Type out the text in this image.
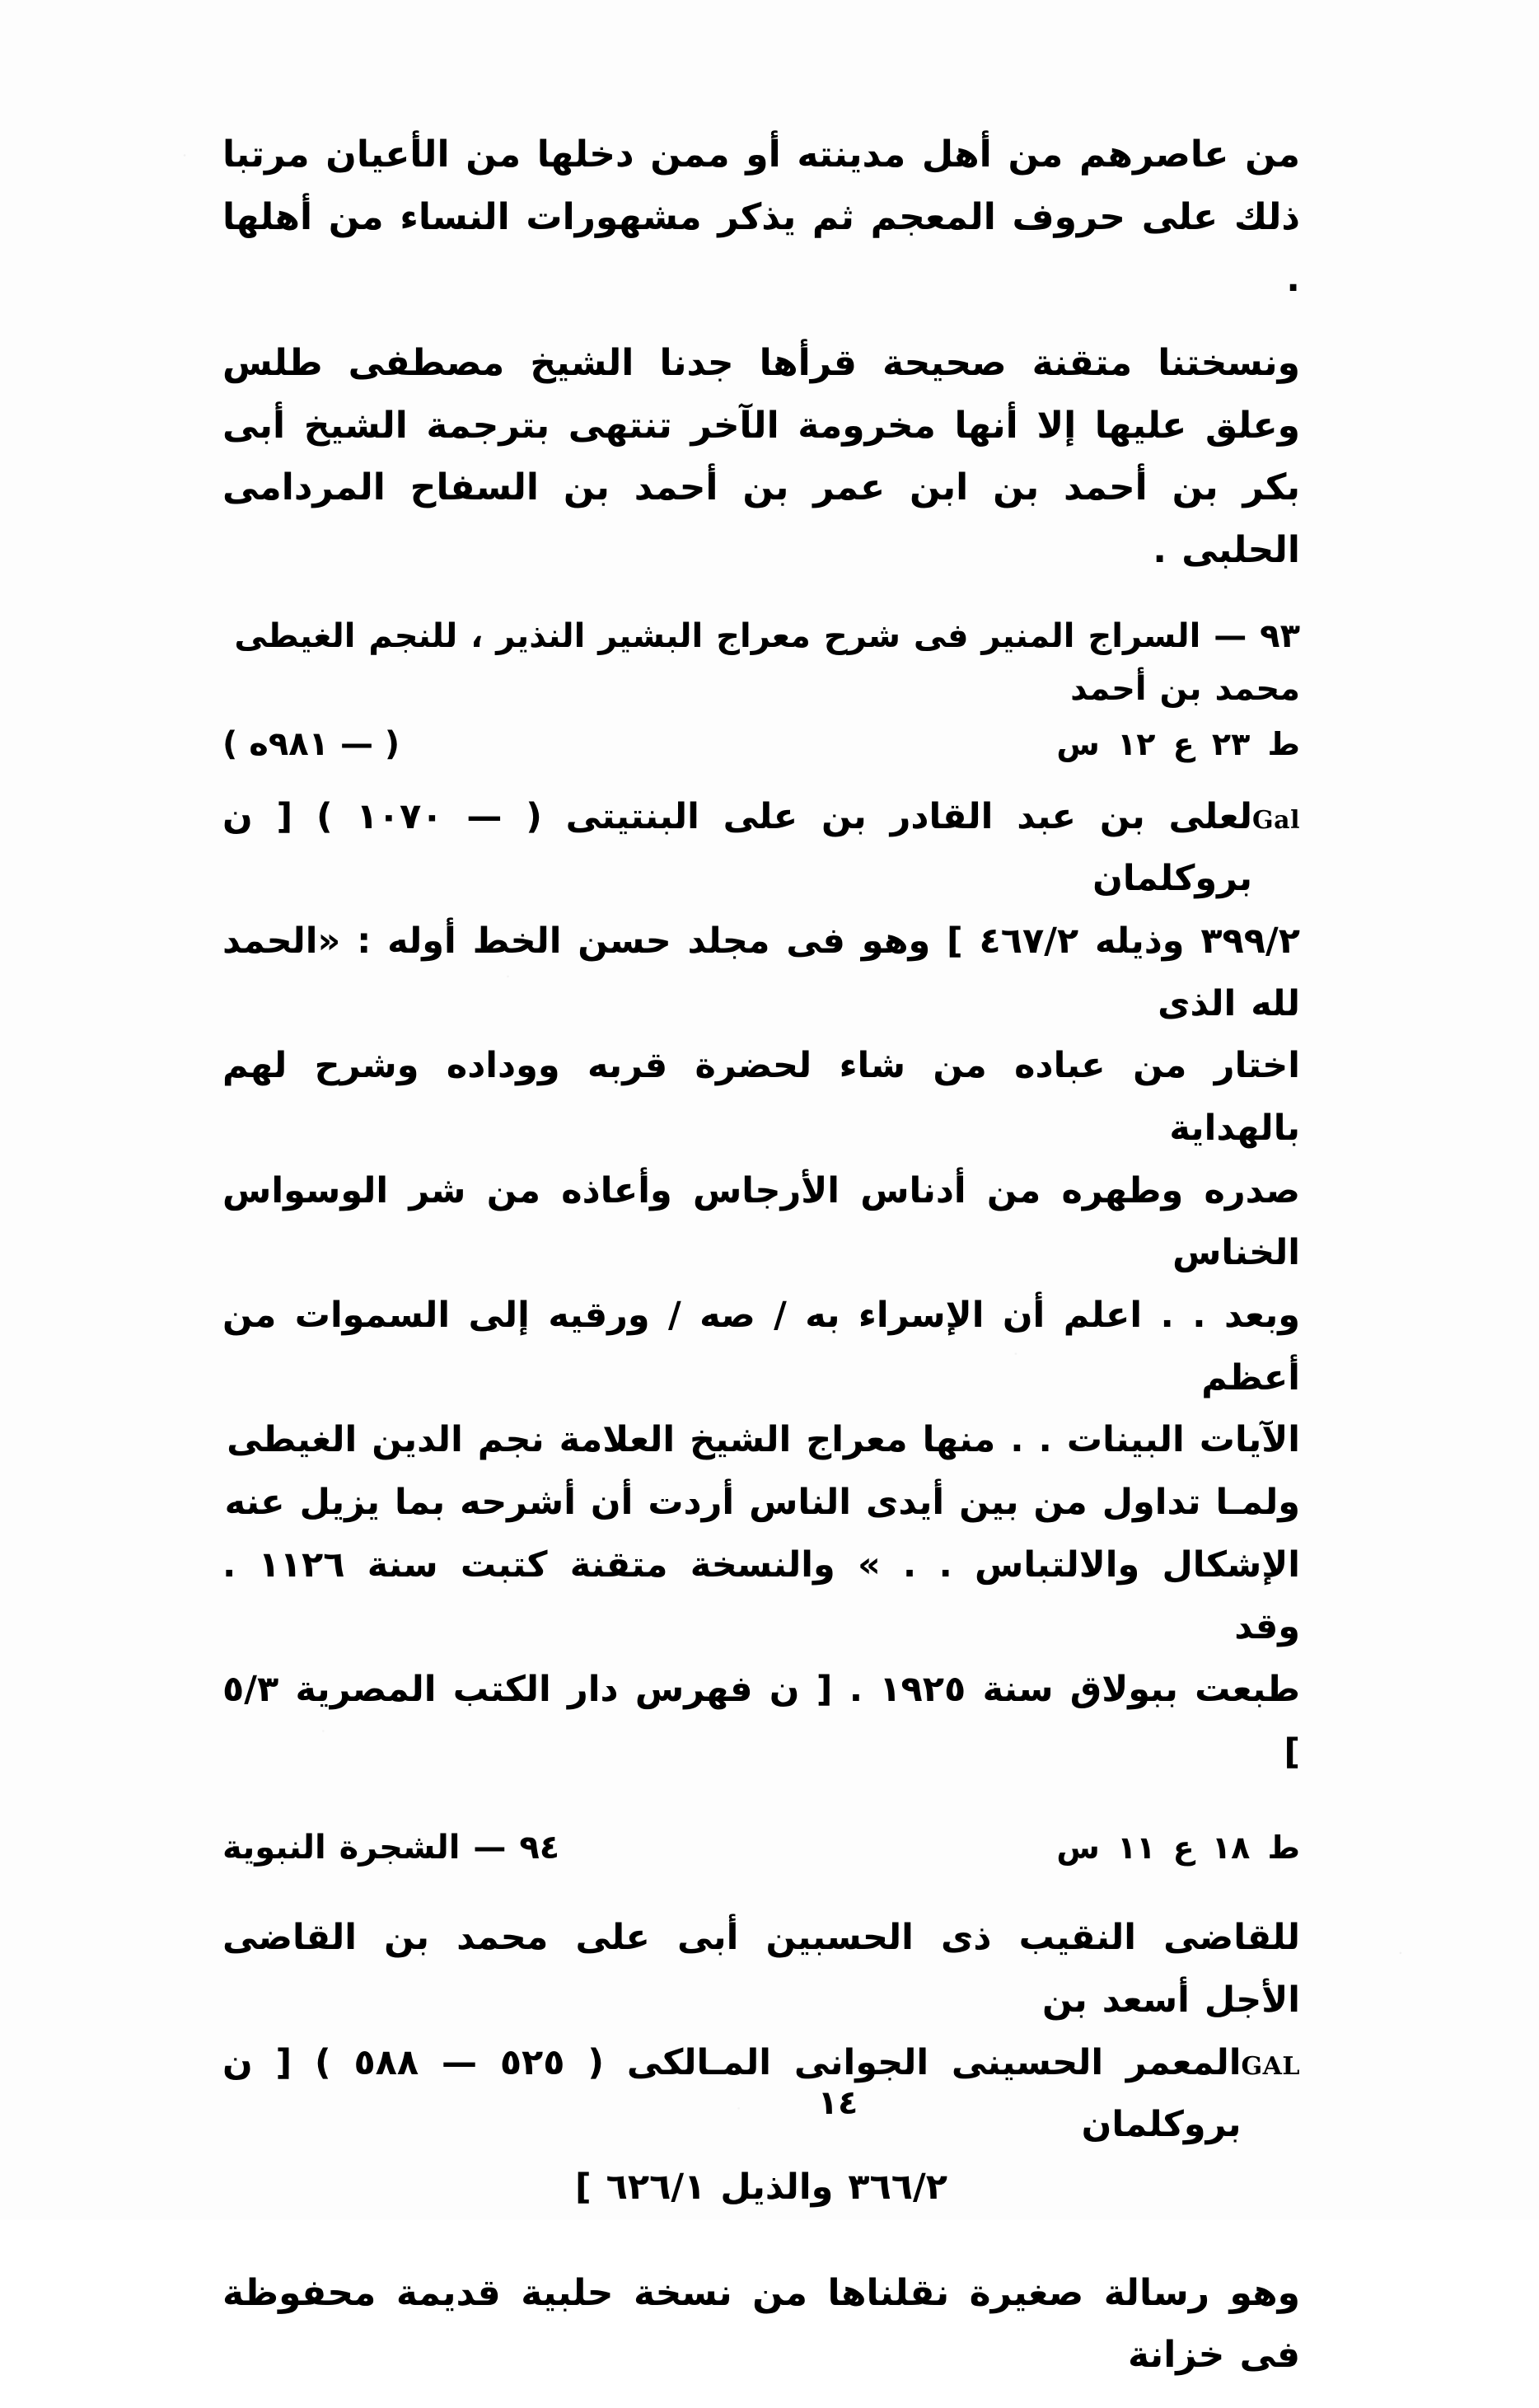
من عاصرهم من أهل مدينته أو ممن دخلها من الأعيان مرتبا ذلك على حروف المعجم ثم يذكر مشهورات النساء من أهلها .

ونسختنا متقنة صحيحة قرأها جدنا الشيخ مصطفى طلس وعلق عليها إلا أنها مخرومة الآخر تنتهى بترجمة الشيخ أبى بكر بن أحمد بن ابن عمر بن أحمد بن السفاح المردامى الحلبى .

٩٣ — السراج المنير فى شرح معراج البشير النذير ، للنجم الغيطى محمد بن أحمد
ط ٢٣ ع ١٢ س
( — ٩٨١ه )
Gal
لعلى بن عبد القادر بن على البنتيتى ( — ١٠٧٠ ) [ ن بروكلمان
٣٩٩/٢ وذيله ٤٦٧/٢ ] وهو فى مجلد حسن الخط أوله : «الحمد لله الذى
اختار من عباده من شاء لحضرة قربه وودادە وشرح لهم بالهداية
صدره وطهره من أدناس الأرجاس وأعاذه من شر الوسواس الخناس
وبعد . . اعلم أن الإسراء به / صه / ورقيه إلى السموات من أعظم
الآيات البينات . . منها معراج الشيخ العلامة نجم الدين الغيطى
ولمـا تداول من بين أيدى الناس أردت أن أشرحه بما يزيل عنه
الإشكال والالتباس . . » والنسخة متقنة كتبت سنة ١١٢٦ . وقد
طبعت ببولاق سنة ١٩٢٥ . [ ن فهرس دار الكتب المصرية ٥/٣ ]
ط ١٨ ع ١١ س
٩٤ — الشجرة النبوية
للقاضى النقيب ذى الحسبين أبى على محمد بن القاضى الأجل أسعد بن
GAL
المعمر الحسينى الجوانى المـالكى ( ٥٢٥ — ٥٨٨ ) [ ن بروكلمان
٣٦٦/٢ والذيل ٦٢٦/١ ]

وهو رسالة صغيرة نقلناها من نسخة حلبية قديمة محفوظة فى خزانة

١٤
